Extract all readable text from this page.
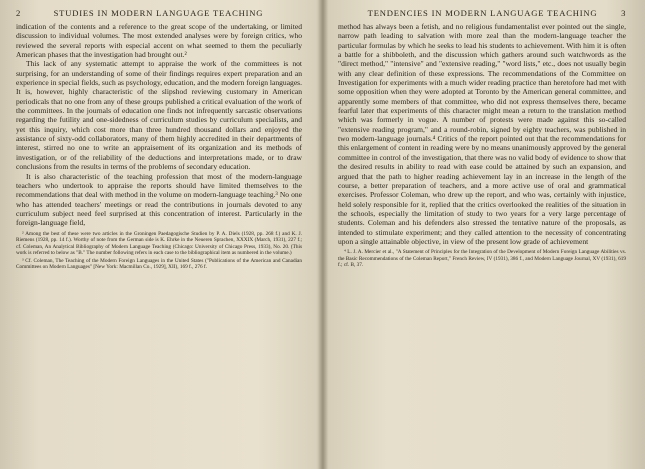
2	STUDIES IN MODERN LANGUAGE TEACHING

indication of the contents and a reference to the great scope of the undertaking, or limited discussion to individual volumes. The most extended analyses were by foreign critics, who reviewed the several reports with especial accent on what seemed to them the peculiarly American phases that the investigation had brought out.²

This lack of any systematic attempt to appraise the work of the committees is not surprising, for an understanding of some of their findings requires expert preparation and an experience in special fields, such as psychology, education, and the modern foreign languages. It is, however, highly characteristic of the slipshod reviewing customary in American periodicals that no one from any of these groups published a critical evaluation of the work of the committees. In the journals of education one finds not infrequently sarcastic observations regarding the futility and one-sidedness of curriculum studies by curriculum specialists, and yet this inquiry, which cost more than three hundred thousand dollars and enjoyed the assistance of sixty-odd collaborators, many of them highly accredited in their departments of interest, stirred no one to write an appraisement of its organization and its methods of investigation, or of the reliability of the deductions and interpretations made, or to draw conclusions from the results in terms of the problems of secondary education.

It is also characteristic of the teaching profession that most of the modern-language teachers who undertook to appraise the reports should have limited themselves to the recommendations that deal with method in the volume on modern-language teaching.³ No one who has attended teachers' meetings or read the contributions in journals devoted to any curriculum subject need feel surprised at this concentration of interest. Particularly in the foreign-language field,

² Among the best of these were two articles in the Groningen Paedagogische Studien by P. A. Diels (1928, pp. 268 f.) and K. J. Riemens (1928, pp. 14 f.). Worthy of note from the German side is K. Ehrke in the Neueren Sprachen, XXXIX (March, 1931), 227 f.; cf. Coleman, An Analytical Bibliography of Modern Language Teaching (Chicago: University of Chicago Press, 1933), No. 20. (This work is referred to below as "B." The number following refers in each case to the bibliographical item as numbered in the volume.)

³ Cf. Coleman, The Teaching of the Modern Foreign Languages in the United States ("Publications of the American and Canadian Committees on Modern Languages" [New York: Macmillan Co., 1929], XII), 169 f., 276 f.

TENDENCIES IN MODERN LANGUAGE TEACHING	3

method has always been a fetish, and no religious fundamentalist ever pointed out the single, narrow path leading to salvation with more zeal than the modern-language teacher the particular formulas by which he seeks to lead his students to achievement. With him it is often a battle for a shibboleth, and the discussion which gathers around such watchwords as the "direct method," "intensive" and "extensive reading," "word lists," etc., does not usually begin with any clear definition of these expressions. The recommendations of the Committee on Investigation for experiments with a much wider reading practice than heretofore had met with some opposition when they were adopted at Toronto by the American general committee, and apparently some members of that committee, who did not express themselves there, became fearful later that experiments of this character might mean a return to the translation method which was formerly in vogue. A number of protests were made against this so-called "extensive reading program," and a round-robin, signed by eighty teachers, was published in two modern-language journals.⁴ Critics of the report pointed out that the recommendations for this enlargement of content in reading were by no means unanimously approved by the general committee in control of the investigation, that there was no valid body of evidence to show that the desired results in ability to read with ease could be attained by such an expansion, and argued that the path to higher reading achievement lay in an increase in the length of the course, a better preparation of teachers, and a more active use of oral and grammatical exercises. Professor Coleman, who drew up the report, and who was, certainly with injustice, held solely responsible for it, replied that the critics overlooked the realities of the situation in the schools, especially the limitation of study to two years for a very large percentage of students. Coleman and his defenders also stressed the tentative nature of the proposals, as intended to stimulate experiment; and they called attention to the necessity of concentrating upon a single attainable objective, in view of the present low grade of achievement

⁴ L. J. A. Mercier et al., "A Statement of Principles for the Integration of the Development of Modern Foreign Language Abilities vs. the Basic Recommendations of the Coleman Report," French Review, IV (1931), 386 f., and Modern Language Journal, XV (1931), 619 f.; cf. B, 37.
